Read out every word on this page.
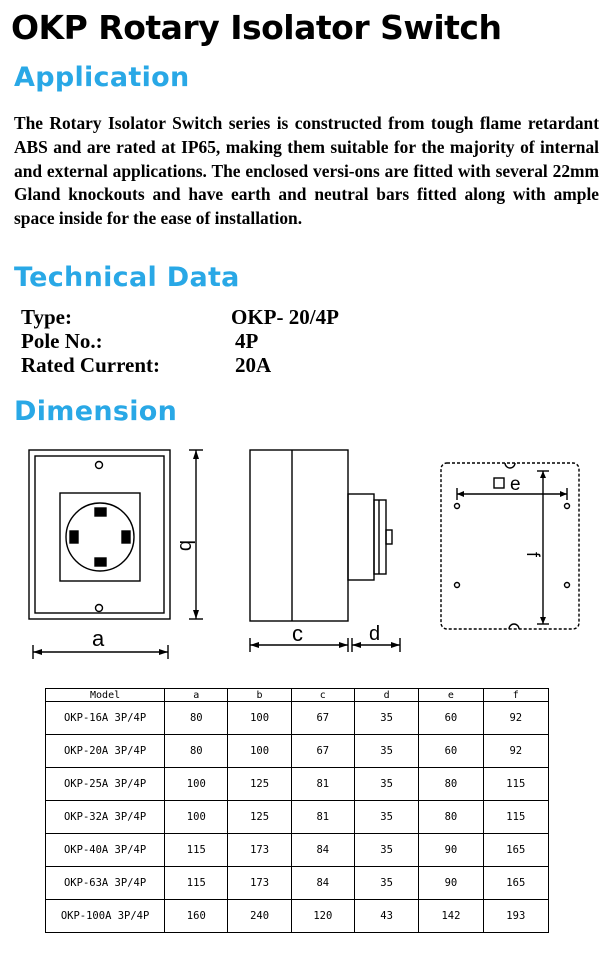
OKP Rotary Isolator Switch
Application

The Rotary Isolator Switch series is constructed from tough flame retardant ABS and are rated at IP65, making them suitable for the majority of internal and external applications. The enclosed versi-ons are fitted with several 22mm Gland knockouts and have earth and neutral bars fitted along with ample space inside for the ease of installation.

Technical Data
Type:	OKP- 20/4P
Pole No.:	4P
Rated Current:	20A
Dimension
a
b
c	d
e
f
Model	a	b	c	d	e	f
OKP-16A 3P/4P	80	100	67	35	60	92
OKP-20A 3P/4P	80	100	67	35	60	92
OKP-25A 3P/4P	100	125	81	35	80	115
OKP-32A 3P/4P	100	125	81	35	80	115
OKP-40A 3P/4P	115	173	84	35	90	165
OKP-63A 3P/4P	115	173	84	35	90	165
OKP-100A 3P/4P	160	240	120	43	142	193
